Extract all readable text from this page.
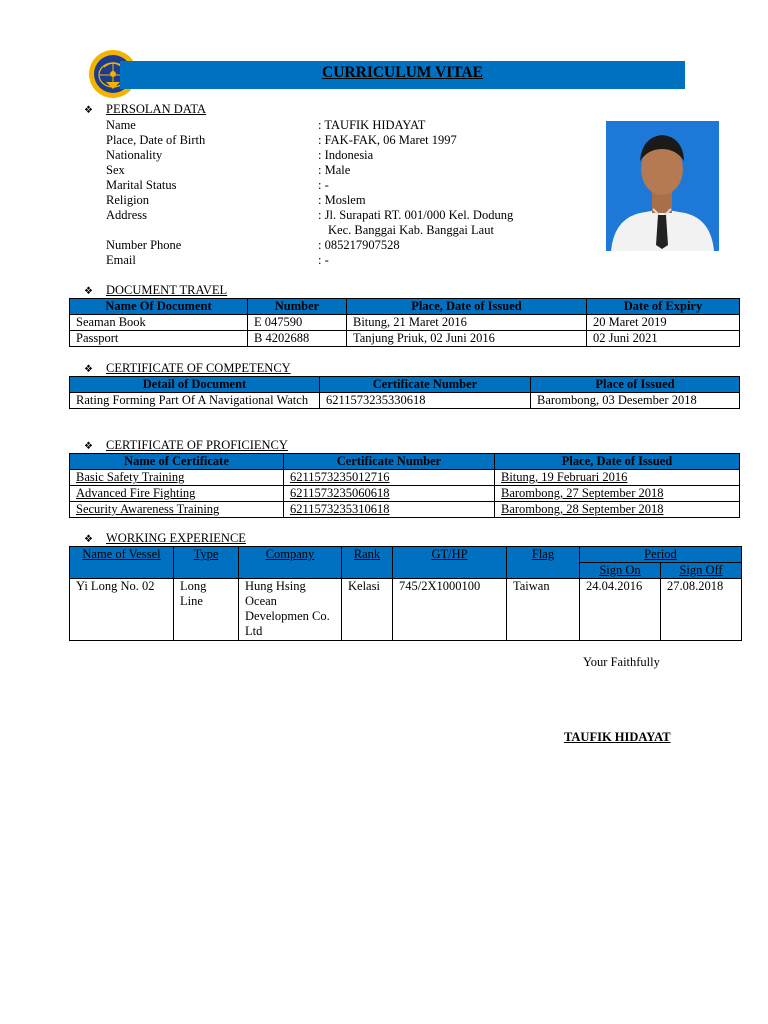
CURRICULUM VITAE
❖ PERSOLAN DATA
Name	: TAUFIK HIDAYAT
Place, Date of Birth	: FAK-FAK, 06 Maret 1997
Nationality	: Indonesia
Sex	: Male
Marital Status	: -
Religion	: Moslem
Address	: Jl. Surapati RT. 001/000 Kel. Dodung
Kec. Banggai Kab. Banggai Laut
Number Phone	: 085217907528
Email	: -
❖ DOCUMENT TRAVEL
Name Of Document	Number	Place, Date of Issued	Date of Expiry
Seaman Book	E 047590	Bitung, 21 Maret 2016	20 Maret 2019
Passport	B 4202688	Tanjung Priuk, 02 Juni 2016	02 Juni 2021
❖ CERTIFICATE OF COMPETENCY
Detail of Document	Certificate Number	Place of Issued
Rating Forming Part Of A Navigational Watch	6211573235330618	Barombong, 03 Desember 2018
❖ CERTIFICATE OF PROFICIENCY
Name of Certificate	Certificate Number	Place, Date of Issued
Basic Safety Training	6211573235012716	Bitung, 19 Februari 2016
Advanced Fire Fighting	6211573235060618	Barombong, 27 September 2018
Security Awareness Training	6211573235310618	Barombong, 28 September 2018
❖ WORKING EXPERIENCE
Name of Vessel	Type	Company	Rank	GT/HP	Flag	Period	
						Sign On	Sign Off
Yi Long No. 02	Long Line	Hung Hsing Ocean Developmen Co. Ltd	Kelasi	745/2X1000100	Taiwan	24.04.2016	27.08.2018
Your Faithfully
TAUFIK HIDAYAT
